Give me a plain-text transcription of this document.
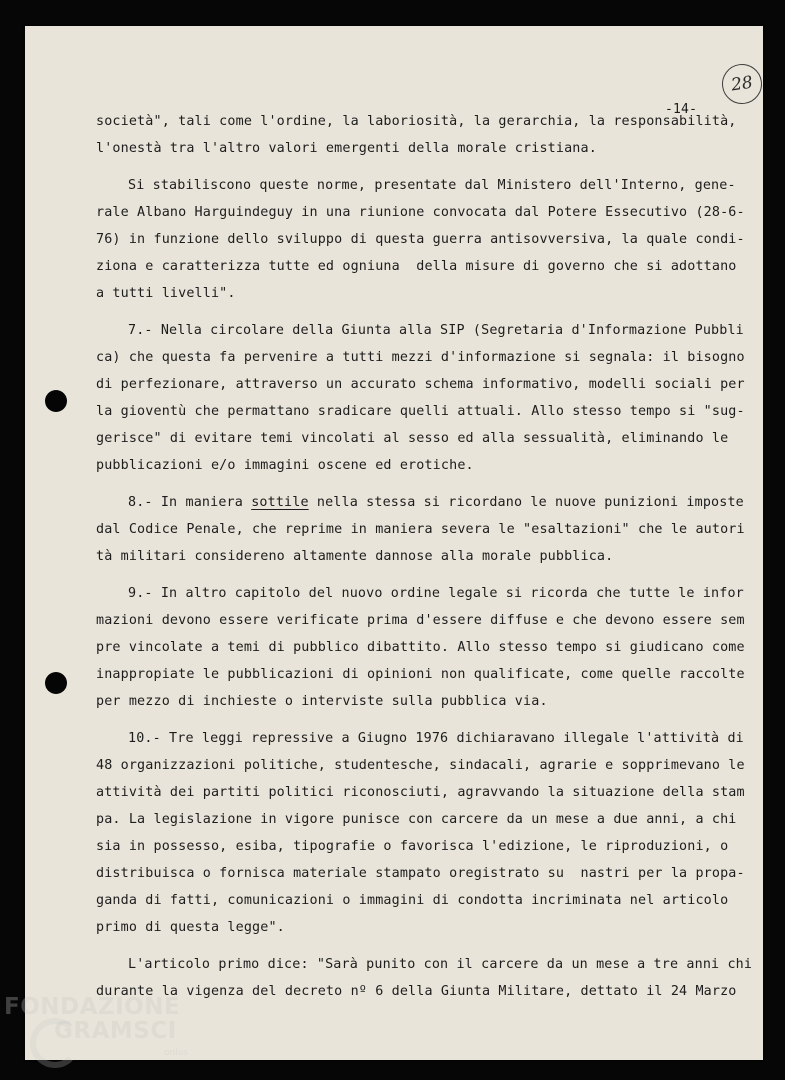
28
-14-
società", tali come l'ordine, la laboriosità, la gerarchia, la responsabilità,
l'onestà tra l'altro valori emergenti della morale cristiana.
Si stabiliscono queste norme, presentate dal Ministero dell'Interno, gene-
rale Albano Harguindeguy in una riunione convocata dal Potere Essecutivo (28-6-
76) in funzione dello sviluppo di questa guerra antisovversiva, la quale condi-
ziona e caratterizza tutte ed ogniuna  della misure di governo che si adottano
a tutti livelli".
7.- Nella circolare della Giunta alla SIP (Segretaria d'Informazione Pubbli
ca) che questa fa pervenire a tutti mezzi d'informazione si segnala: il bisogno
di perfezionare, attraverso un accurato schema informativo, modelli sociali per
la gioventù che permattano sradicare quelli attuali. Allo stesso tempo si "sug-
gerisce" di evitare temi vincolati al sesso ed alla sessualità, eliminando le
pubblicazioni e/o immagini oscene ed erotiche.
8.- In maniera sottile nella stessa si ricordano le nuove punizioni imposte
dal Codice Penale, che reprime in maniera severa le "esaltazioni" che le autori
tà militari considereno altamente dannose alla morale pubblica.
9.- In altro capitolo del nuovo ordine legale si ricorda che tutte le infor
mazioni devono essere verificate prima d'essere diffuse e che devono essere sem
pre vincolate a temi di pubblico dibattito. Allo stesso tempo si giudicano come
inappropiate le pubblicazioni di opinioni non qualificate, come quelle raccolte
per mezzo di inchieste o interviste sulla pubblica via.
10.- Tre leggi repressive a Giugno 1976 dichiaravano illegale l'attività di
48 organizzazioni politiche, studentesche, sindacali, agrarie e sopprimevano le
attività dei partiti politici riconosciuti, agravvando la situazione della stam
pa. La legislazione in vigore punisce con carcere da un mese a due anni, a chi
sia in possesso, esiba, tipografie o favorisca l'edizione, le riproduzioni, o
distribuisca o fornisca materiale stampato oregistrato su  nastri per la propa-
ganda di fatti, comunicazioni o immagini di condotta incriminata nel articolo
primo di questa legge".
L'articolo primo dice: "Sarà punito con il carcere da un mese a tre anni chi
durante la vigenza del decreto nº 6 della Giunta Militare, dettato il 24 Marzo
FONDAZIONE
GRAMSCI
onlus
